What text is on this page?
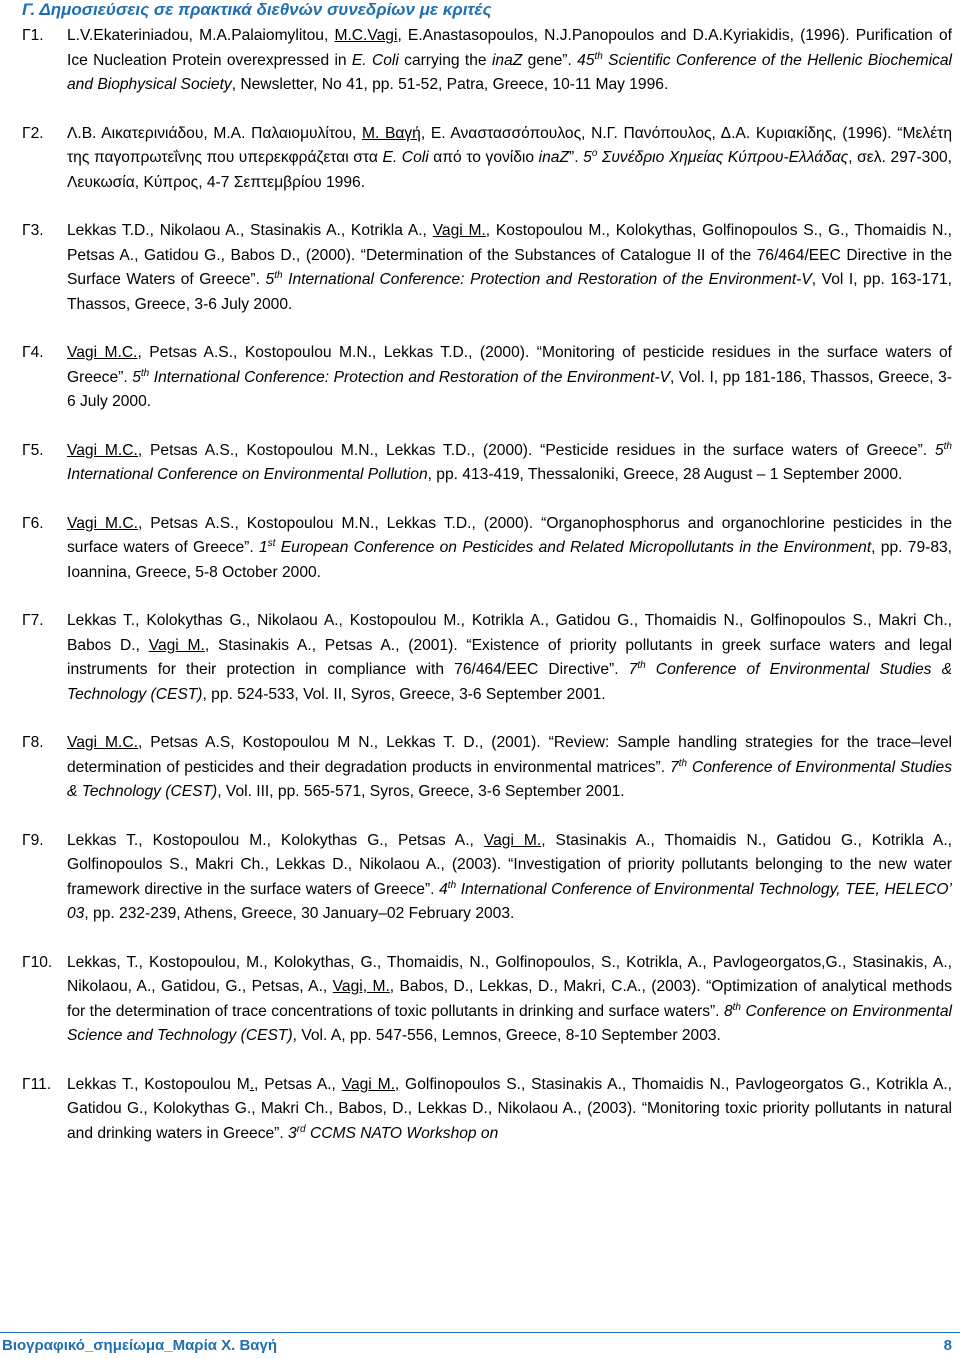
Γ. Δημοσιεύσεις σε πρακτικά διεθνών συνεδρίων με κριτές
Γ1. L.V.Ekateriniadou, M.A.Palaiomylitou, M.C.Vagi, E.Anastasopoulos, N.J.Panopoulos and D.A.Kyriakidis, (1996). Purification of Ice Nucleation Protein overexpressed in E. Coli carrying the inaZ gene”. 45th Scientific Conference of the Hellenic Biochemical and Biophysical Society, Newsletter, No 41, pp. 51-52, Patra, Greece, 10-11 May 1996.
Γ2. Λ.Β. Αικατερινιάδου, Μ.Α. Παλαιομυλίτου, Μ. Βαγή, Ε. Αναστασσόπουλος, Ν.Γ. Πανόπουλος, Δ.Α. Κυριακίδης, (1996). “Μελέτη της παγοπρωτεΐνης που υπερεκφράζεται στα E. Coli από το γονίδιο inaZ”. $5^o$ Συνέδριο Χημείας Κύπρου-Ελλάδας, σελ. 297-300, Λευκωσία, Κύπρος, 4-7 Σεπτεμβρίου 1996.
Γ3. Lekkas T.D., Nikolaou A., Stasinakis A., Kotrikla A., Vagi M., Kostopoulou M., Kolokythas, Golfinopoulos S., G., Thomaidis N., Petsas A., Gatidou G., Babos D., (2000). “Determination of the Substances of Catalogue II of the 76/464/EEC Directive in the Surface Waters of Greece”. 5th International Conference: Protection and Restoration of the Environment-V, Vol I, pp. 163-171, Thassos, Greece, 3-6 July 2000.
Γ4. Vagi M.C., Petsas A.S., Kostopoulou M.N., Lekkas T.D., (2000). “Monitoring of pesticide residues in the surface waters of Greece”. 5th International Conference: Protection and Restoration of the Environment-V, Vol. I, pp 181-186, Thassos, Greece, 3-6 July 2000.
Γ5. Vagi M.C., Petsas A.S., Kostopoulou M.N., Lekkas T.D., (2000). “Pesticide residues in the surface waters of Greece”. 5th International Conference on Environmental Pollution, pp. 413-419, Thessaloniki, Greece, 28 August – 1 September 2000.
Γ6. Vagi M.C., Petsas A.S., Kostopoulou M.N., Lekkas T.D., (2000). “Organophosphorus and organochlorine pesticides in the surface waters of Greece”. 1st European Conference on Pesticides and Related Micropollutants in the Environment, pp. 79-83, Ioannina, Greece, 5-8 October 2000.
Γ7. Lekkas T., Kolokythas G., Nikolaou A., Kostopoulou M., Kotrikla A., Gatidou G., Thomaidis N., Golfinopoulos S., Makri Ch., Babos D., Vagi M., Stasinakis A., Petsas A., (2001). “Existence of priority pollutants in greek surface waters and legal instruments for their protection in compliance with 76/464/EEC Directive”. 7th Conference of Environmental Studies & Technology (CEST), pp. 524-533, Vol. II, Syros, Greece, 3-6 September 2001.
Γ8. Vagi M.C., Petsas A.S, Kostopoulou M N., Lekkas T. D., (2001). “Review: Sample handling strategies for the trace–level determination of pesticides and their degradation products in environmental matrices”. 7th Conference of Environmental Studies & Technology (CEST), Vol. III, pp. 565-571, Syros, Greece, 3-6 September 2001.
Γ9. Lekkas T., Kostopoulou M., Kolokythas G., Petsas A., Vagi M., Stasinakis A., Thomaidis N., Gatidou G., Kotrikla A., Golfinopoulos S., Makri Ch., Lekkas D., Nikolaou A., (2003). “Investigation of priority pollutants belonging to the new water framework directive in the surface waters of Greece”. 4th International Conference of Environmental Technology, TEE, HELECO’ 03, pp. 232-239, Athens, Greece, 30 January–02 February 2003.
Γ10. Lekkas, T., Kostopoulou, M., Kolokythas, G., Thomaidis, N., Golfinopoulos, S., Kotrikla, A., Pavlogeorgatos,G., Stasinakis, A., Nikolaou, A., Gatidou, G., Petsas, A., Vagi, M., Babos, D., Lekkas, D., Makri, C.A., (2003). “Optimization of analytical methods for the determination of trace concentrations of toxic pollutants in drinking and surface waters”. 8th Conference on Environmental Science and Technology (CEST), Vol. A, pp. 547-556, Lemnos, Greece, 8-10 September 2003.
Γ11. Lekkas T., Kostopoulou M., Petsas A., Vagi M., Golfinopoulos S., Stasinakis A., Thomaidis N., Pavlogeorgatos G., Kotrikla A., Gatidou G., Kolokythas G., Makri Ch., Babos, D., Lekkas D., Nikolaou A., (2003). “Monitoring toxic priority pollutants in natural and drinking waters in Greece”. 3rd CCMS NATO Workshop on
Βιογραφικό_σημείωμα_Μαρία Χ. Βαγή	8
